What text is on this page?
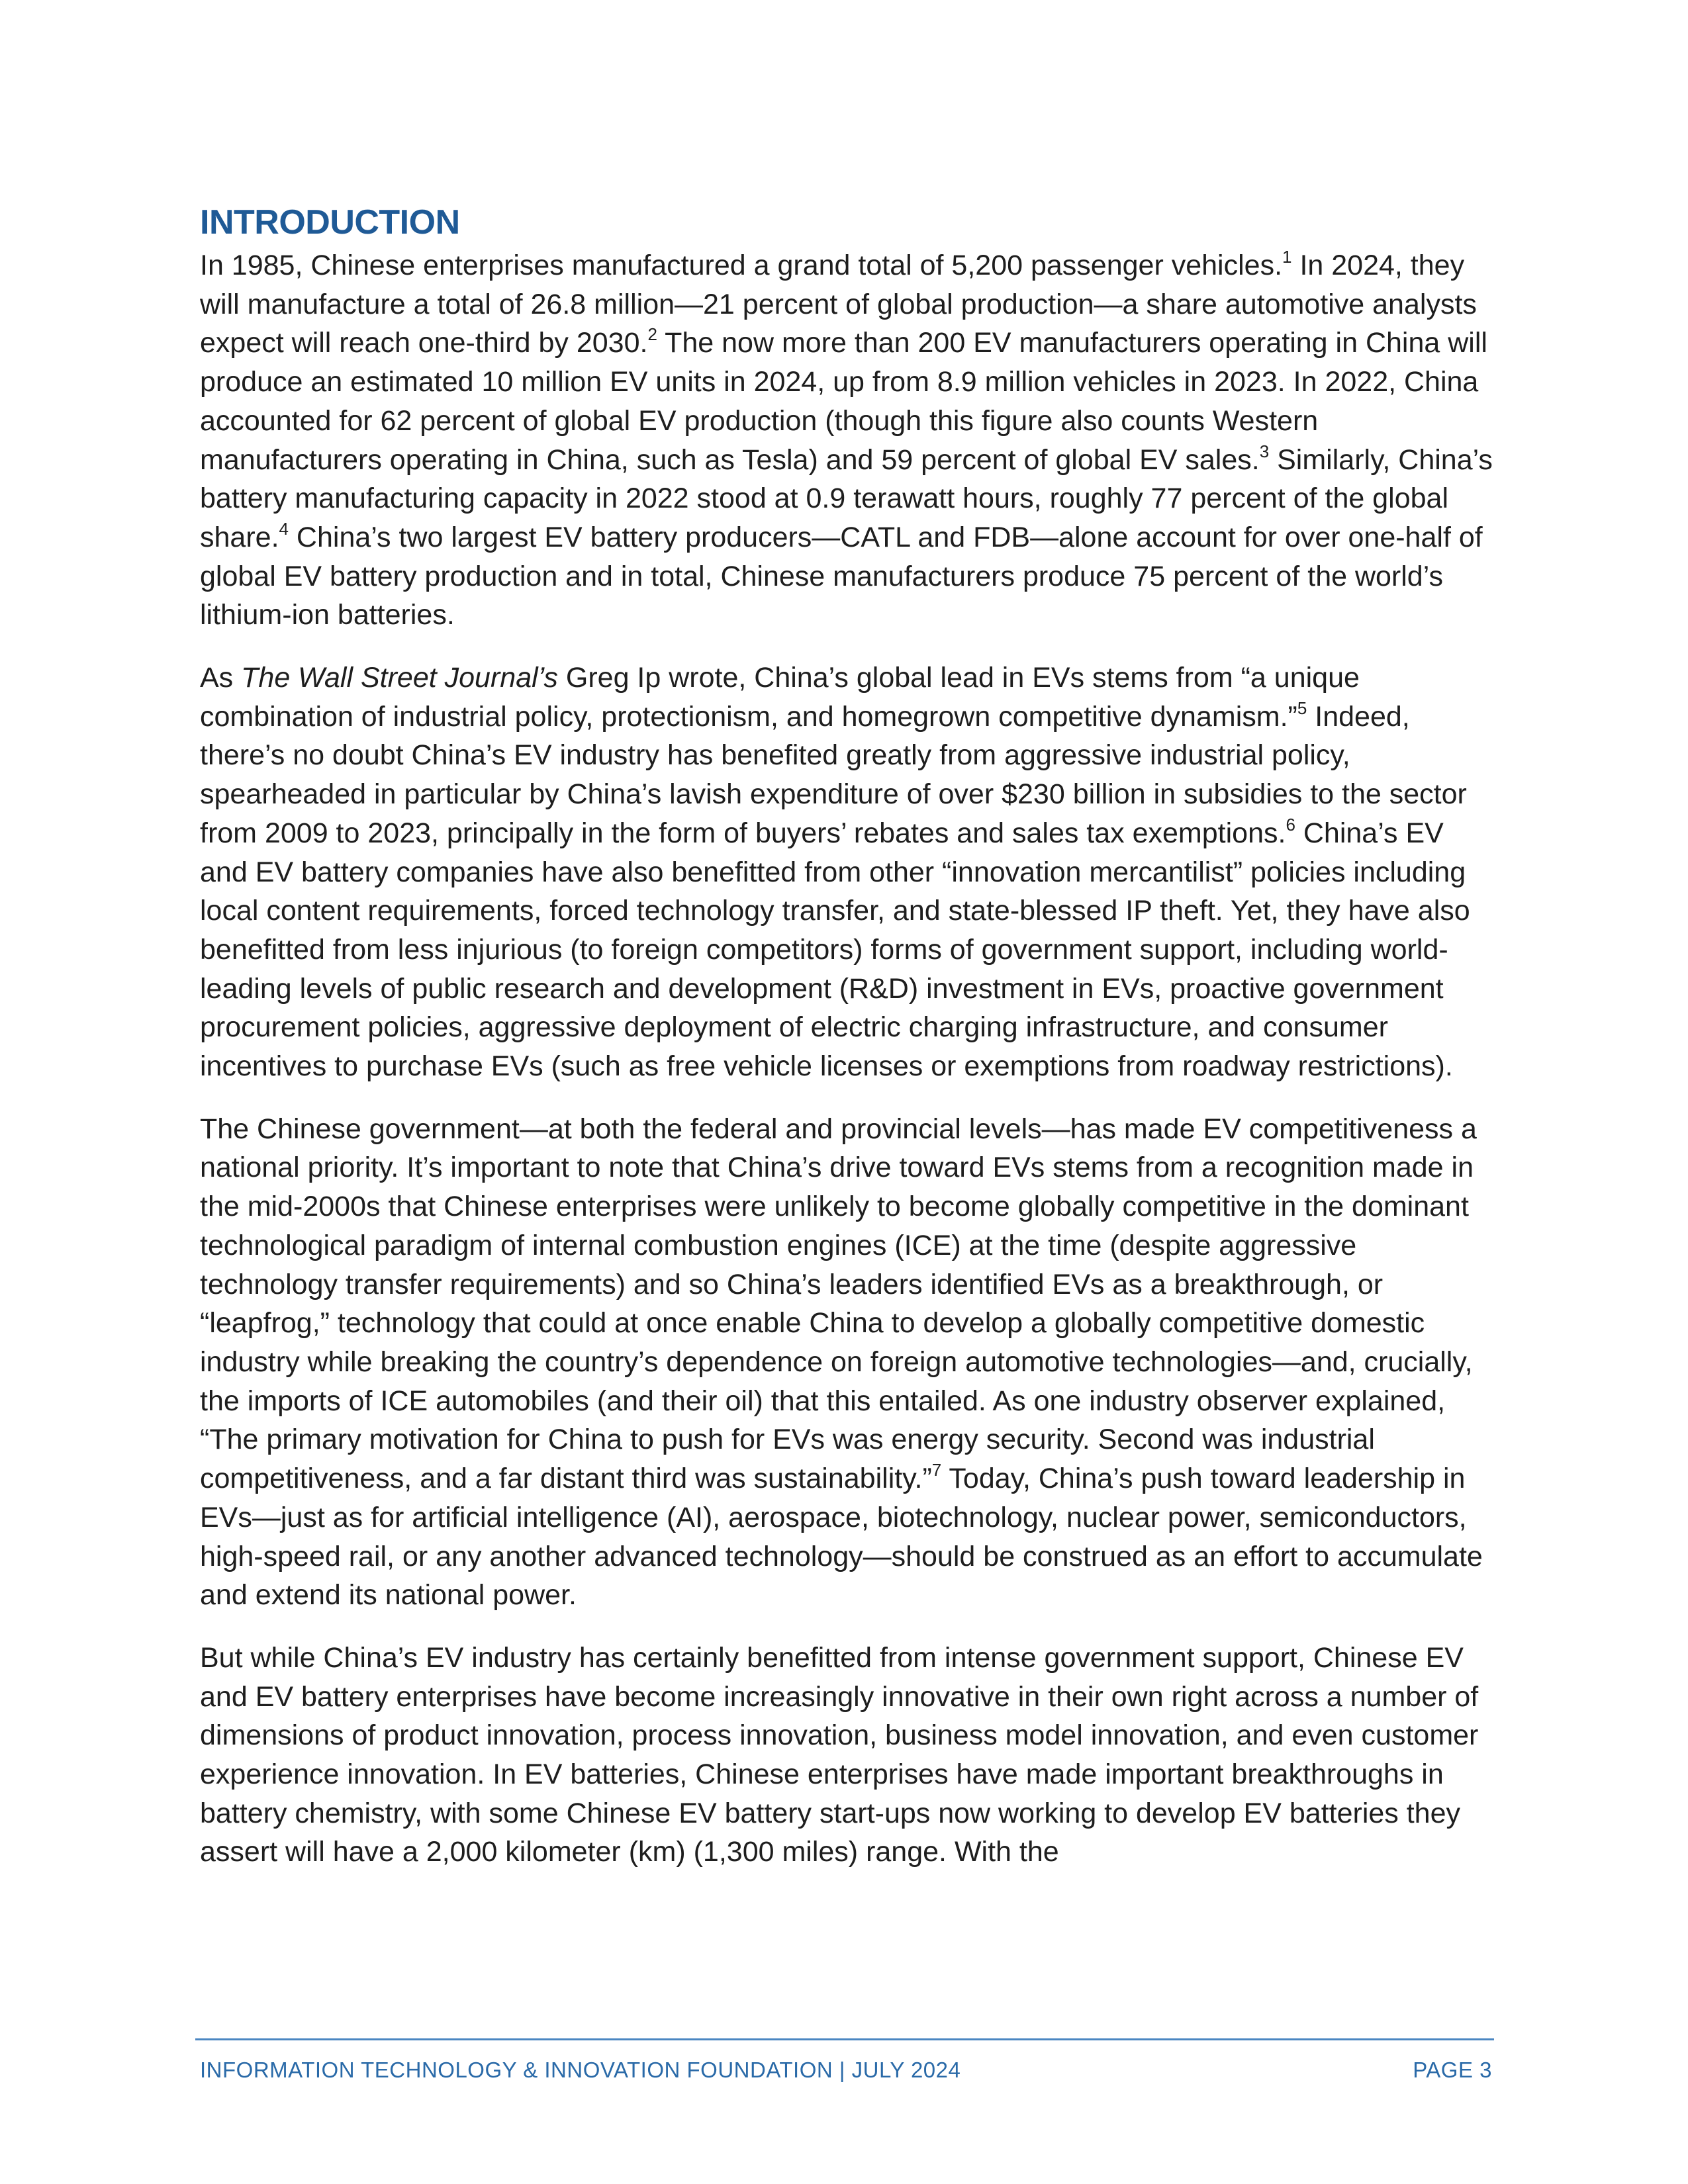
INTRODUCTION

In 1985, Chinese enterprises manufactured a grand total of 5,200 passenger vehicles.$^1$ In 2024, they will manufacture a total of 26.8 million—21 percent of global production—a share automotive analysts expect will reach one-third by 2030.$^2$ The now more than 200 EV manufacturers operating in China will produce an estimated 10 million EV units in 2024, up from 8.9 million vehicles in 2023. In 2022, China accounted for 62 percent of global EV production (though this figure also counts Western manufacturers operating in China, such as Tesla) and 59 percent of global EV sales.$^3$ Similarly, China’s battery manufacturing capacity in 2022 stood at 0.9 terawatt hours, roughly 77 percent of the global share.$^4$ China’s two largest EV battery producers—CATL and FDB—alone account for over one-half of global EV battery production and in total, Chinese manufacturers produce 75 percent of the world’s lithium-ion batteries.

As The Wall Street Journal’s Greg Ip wrote, China’s global lead in EVs stems from “a unique combination of industrial policy, protectionism, and homegrown competitive dynamism.”$^5$ Indeed, there’s no doubt China’s EV industry has benefited greatly from aggressive industrial policy, spearheaded in particular by China’s lavish expenditure of over $230 billion in subsidies to the sector from 2009 to 2023, principally in the form of buyers’ rebates and sales tax exemptions.$^6$ China’s EV and EV battery companies have also benefitted from other “innovation mercantilist” policies including local content requirements, forced technology transfer, and state-blessed IP theft. Yet, they have also benefitted from less injurious (to foreign competitors) forms of government support, including world-leading levels of public research and development (R&D) investment in EVs, proactive government procurement policies, aggressive deployment of electric charging infrastructure, and consumer incentives to purchase EVs (such as free vehicle licenses or exemptions from roadway restrictions).

The Chinese government—at both the federal and provincial levels—has made EV competitiveness a national priority. It’s important to note that China’s drive toward EVs stems from a recognition made in the mid-2000s that Chinese enterprises were unlikely to become globally competitive in the dominant technological paradigm of internal combustion engines (ICE) at the time (despite aggressive technology transfer requirements) and so China’s leaders identified EVs as a breakthrough, or “leapfrog,” technology that could at once enable China to develop a globally competitive domestic industry while breaking the country’s dependence on foreign automotive technologies—and, crucially, the imports of ICE automobiles (and their oil) that this entailed. As one industry observer explained, “The primary motivation for China to push for EVs was energy security. Second was industrial competitiveness, and a far distant third was sustainability.”$^7$ Today, China’s push toward leadership in EVs—just as for artificial intelligence (AI), aerospace, biotechnology, nuclear power, semiconductors, high-speed rail, or any another advanced technology—should be construed as an effort to accumulate and extend its national power.

But while China’s EV industry has certainly benefitted from intense government support, Chinese EV and EV battery enterprises have become increasingly innovative in their own right across a number of dimensions of product innovation, process innovation, business model innovation, and even customer experience innovation. In EV batteries, Chinese enterprises have made important breakthroughs in battery chemistry, with some Chinese EV battery start-ups now working to develop EV batteries they assert will have a 2,000 kilometer (km) (1,300 miles) range. With the

INFORMATION TECHNOLOGY & INNOVATION FOUNDATION | JULY 2024	PAGE 3
